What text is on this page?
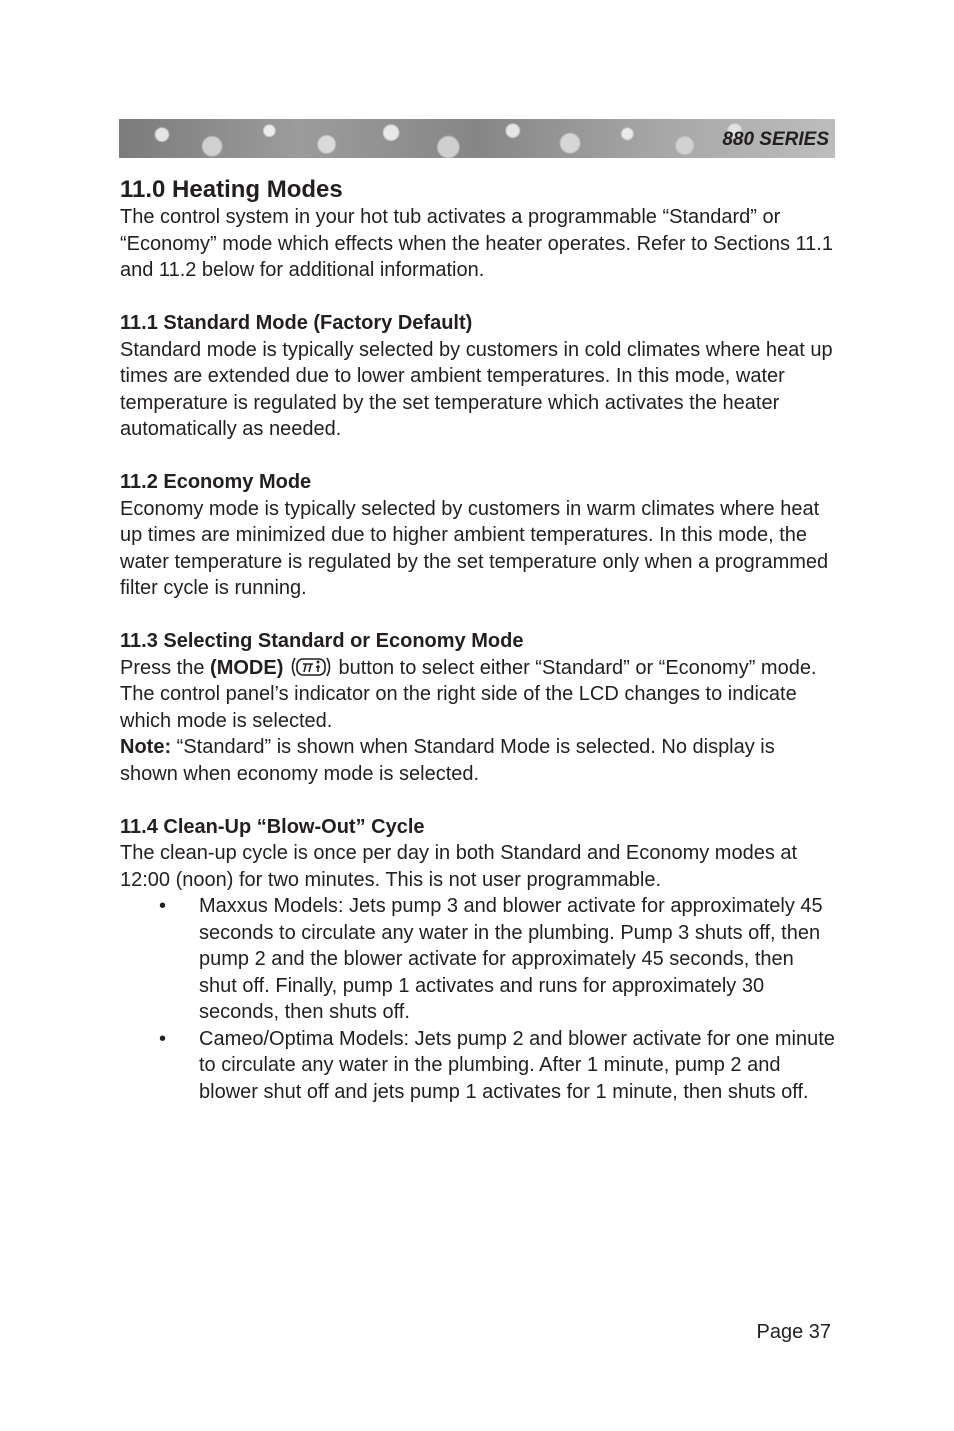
880 SERIES
11.0 Heating Modes

The control system in your hot tub activates a programmable “Standard” or “Economy” mode which effects when the heater operates. Refer to Sections 11.1 and 11.2 below for additional information.

11.1 Standard Mode (Factory Default)

Standard mode is typically selected by customers in cold climates where heat up times are extended due to lower ambient temperatures. In this mode, water temperature is regulated by the set temperature which activates the heater automatically as needed.

11.2 Economy Mode

Economy mode is typically selected by customers in warm climates where heat up times are minimized due to higher ambient temperatures. In this mode, the water temperature is regulated by the set temperature only when a programmed filter cycle is running.

11.3 Selecting Standard or Economy Mode

Press the (MODE)  button to select either “Standard” or “Economy” mode. The control panel’s indicator on the right side of the LCD changes to indicate which mode is selected.

Note: “Standard” is shown when Standard Mode is selected. No display is shown when economy mode is selected.

11.4 Clean-Up “Blow-Out” Cycle

The clean-up cycle is once per day in both Standard and Economy modes at 12:00 (noon) for two minutes. This is not user programmable.

• Maxxus Models: Jets pump 3 and blower activate for approximately 45 seconds to circulate any water in the plumbing. Pump 3 shuts off, then pump 2 and the blower activate for approximately 45 seconds, then shut off. Finally, pump 1 activates and runs for approximately 30 seconds, then shuts off.
• Cameo/Optima Models: Jets pump 2 and blower activate for one minute to circulate any water in the plumbing. After 1 minute, pump 2 and blower shut off and jets pump 1 activates for 1 minute, then shuts off.
Page 37
